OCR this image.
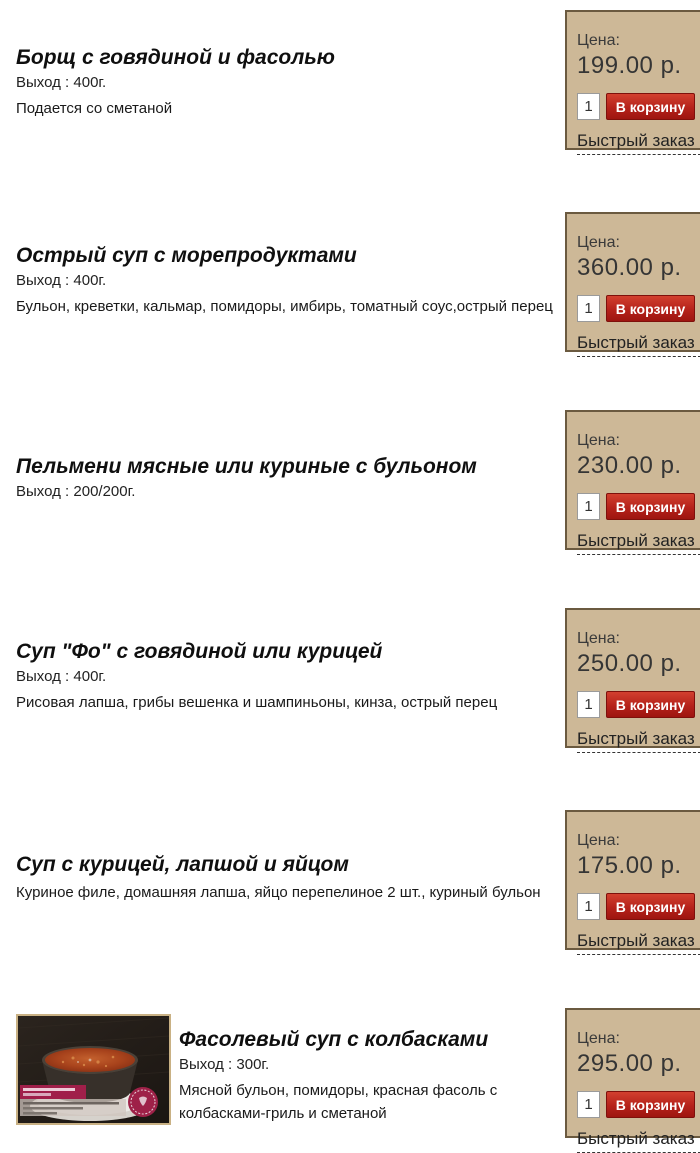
Борщ с говядиной и фасолью
Выход : 400г.
Подается со сметаной
Цена:
199.00 р.
1
В корзину
Быстрый заказ
Острый суп с морепродуктами
Выход : 400г.
Бульон, креветки, кальмар, помидоры, имбирь, томатный соус,острый перец
Цена:
360.00 р.
1
В корзину
Быстрый заказ
Пельмени мясные или куриные с бульоном
Выход : 200/200г.
Цена:
230.00 р.
1
В корзину
Быстрый заказ
Суп "Фо" с говядиной или курицей
Выход : 400г.
Рисовая лапша, грибы вешенка и шампиньоны, кинза, острый перец
Цена:
250.00 р.
1
В корзину
Быстрый заказ
Суп с курицей, лапшой и яйцом
Куриное филе, домашняя лапша, яйцо перепелиное 2 шт., куриный бульон
Цена:
175.00 р.
1
В корзину
Быстрый заказ
Фасолевый суп с колбасками
Выход : 300г.
Мясной бульон, помидоры, красная фасоль с колбасками-гриль и сметаной
Цена:
295.00 р.
1
В корзину
Быстрый заказ
